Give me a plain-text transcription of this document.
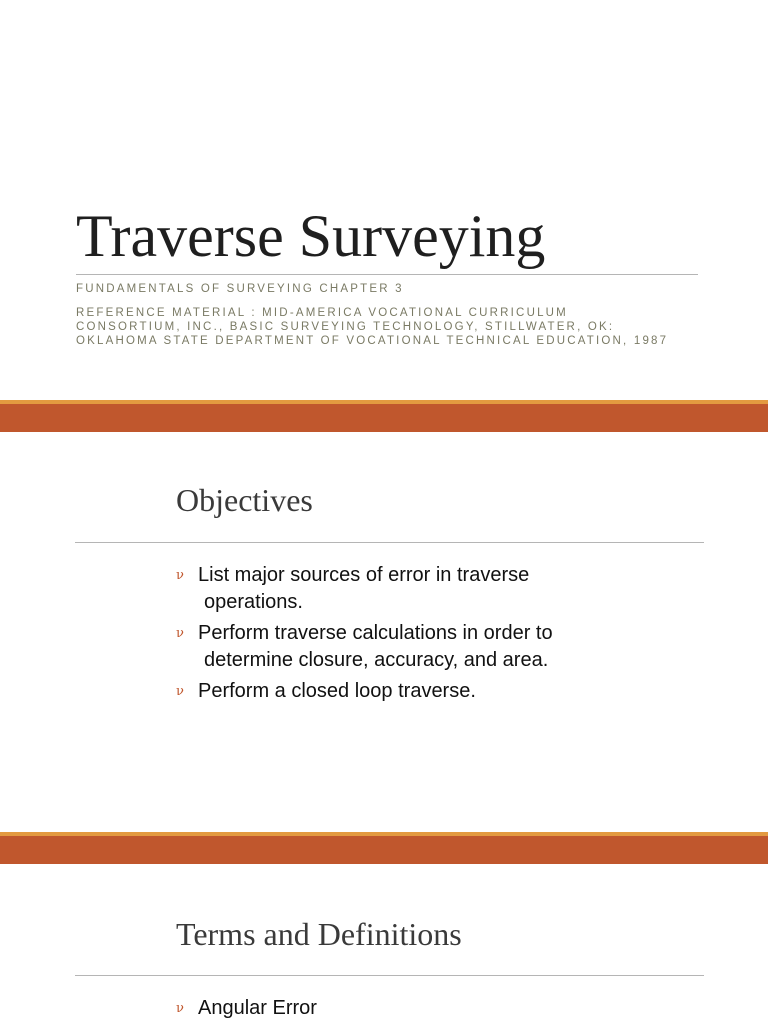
Traverse Surveying
FUNDAMENTALS OF SURVEYING CHAPTER 3
REFERENCE MATERIAL : MID-AMERICA VOCATIONAL CURRICULUM
CONSORTIUM, INC., BASIC SURVEYING TECHNOLOGY, STILLWATER, OK:
OKLAHOMA STATE DEPARTMENT OF VOCATIONAL TECHNICAL EDUCATION, 1987
Objectives
ν List major sources of error in traverse
operations.
ν Perform traverse calculations in order to
determine closure, accuracy, and area.
ν Perform a closed loop traverse.
Terms and Definitions
ν Angular Error
